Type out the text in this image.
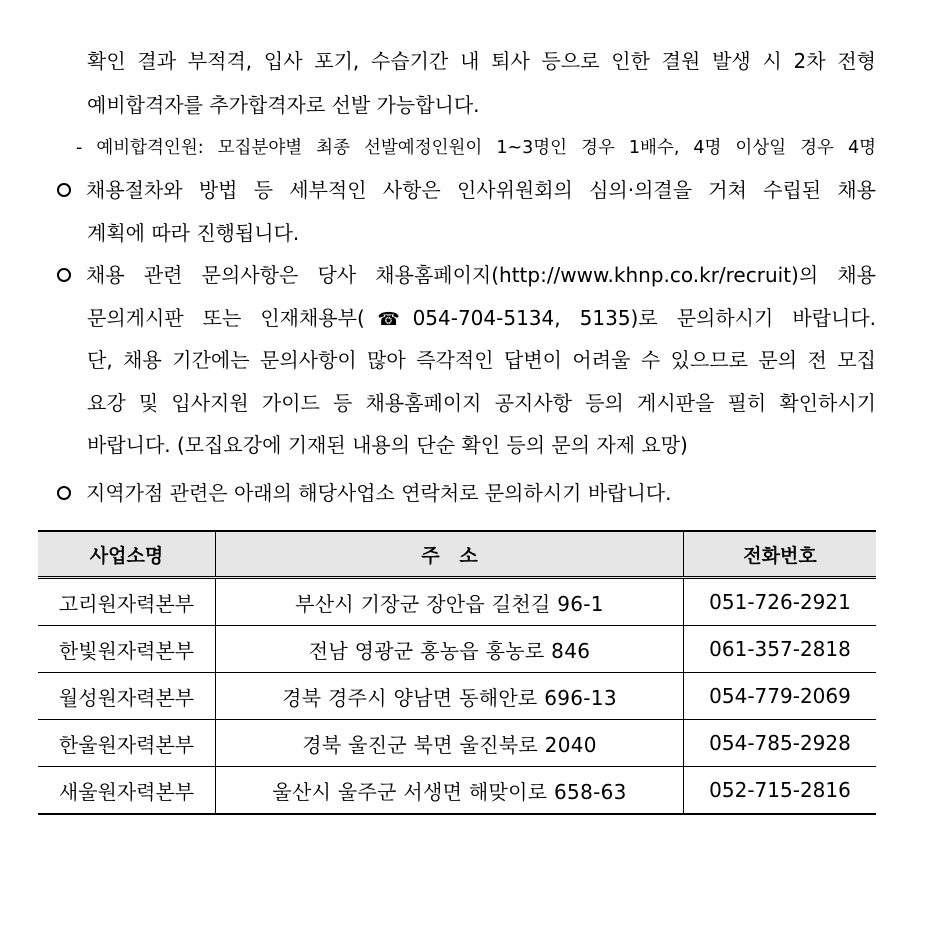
확인 결과 부적격, 입사 포기, 수습기간 내 퇴사 등으로 인한 결원 발생 시 2차 전형
예비합격자를 추가합격자로 선발 가능합니다.
- 예비합격인원: 모집분야별 최종 선발예정인원이 1~3명인 경우 1배수, 4명 이상일 경우 4명
채용절차와 방법 등 세부적인 사항은 인사위원회의 심의·의결을 거쳐 수립된 채용
계획에 따라 진행됩니다.
채용 관련 문의사항은 당사 채용홈페이지(http://www.khnp.co.kr/recruit)의 채용
문의게시판 또는 인재채용부(☎054-704-5134, 5135)로 문의하시기 바랍니다.
단, 채용 기간에는 문의사항이 많아 즉각적인 답변이 어려울 수 있으므로 문의 전 모집
요강 및 입사지원 가이드 등 채용홈페이지 공지사항 등의 게시판을 필히 확인하시기
바랍니다. (모집요강에 기재된 내용의 단순 확인 등의 문의 자제 요망)
지역가점 관련은 아래의 해당사업소 연락처로 문의하시기 바랍니다.
사업소명	주   소	전화번호
고리원자력본부	부산시 기장군 장안읍 길천길 96-1	051-726-2921
한빛원자력본부	전남 영광군 홍농읍 홍농로 846	061-357-2818
월성원자력본부	경북 경주시 양남면 동해안로 696-13	054-779-2069
한울원자력본부	경북 울진군 북면 울진북로 2040	054-785-2928
새울원자력본부	울산시 울주군 서생면 해맞이로 658-63	052-715-2816
